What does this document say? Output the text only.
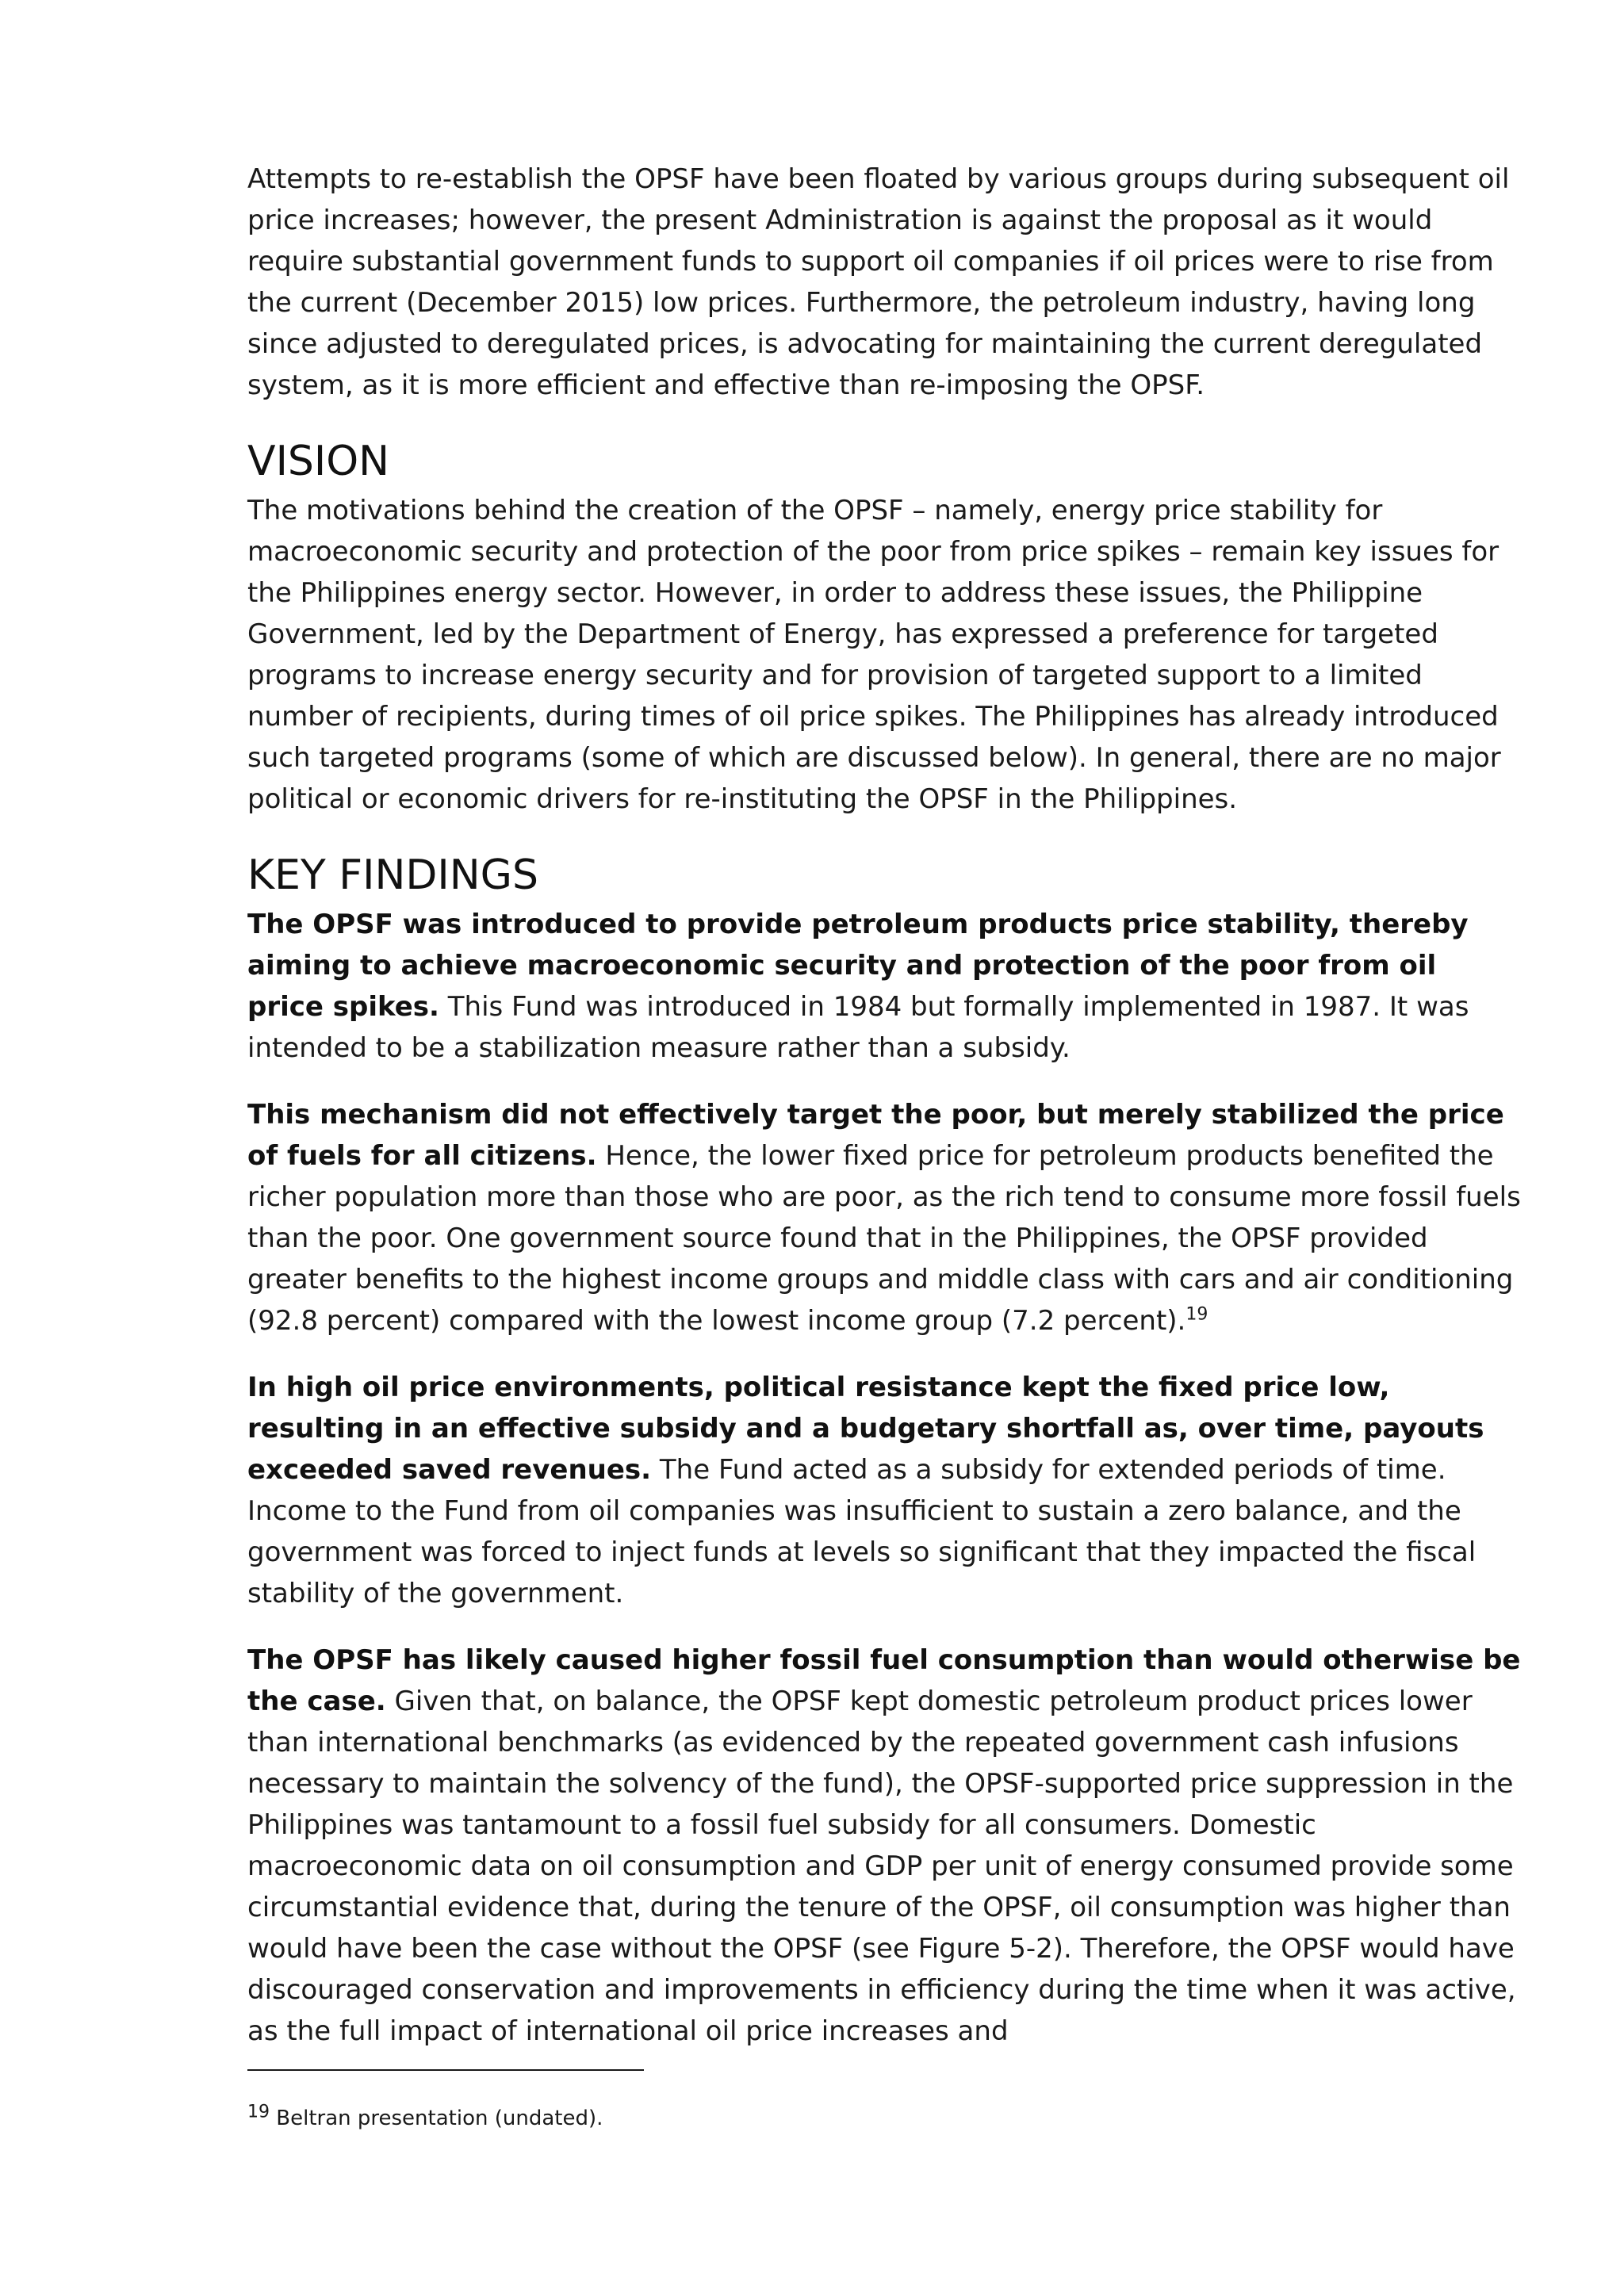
Attempts to re-establish the OPSF have been floated by various groups during subsequent oil price increases; however, the present Administration is against the proposal as it would require substantial government funds to support oil companies if oil prices were to rise from the current (December 2015) low prices. Furthermore, the petroleum industry, having long since adjusted to deregulated prices, is advocating for maintaining the current deregulated system, as it is more efficient and effective than re-imposing the OPSF.

VISION

The motivations behind the creation of the OPSF – namely, energy price stability for macroeconomic security and protection of the poor from price spikes – remain key issues for the Philippines energy sector. However, in order to address these issues, the Philippine Government, led by the Department of Energy, has expressed a preference for targeted programs to increase energy security and for provision of targeted support to a limited number of recipients, during times of oil price spikes. The Philippines has already introduced such targeted programs (some of which are discussed below). In general, there are no major political or economic drivers for re-instituting the OPSF in the Philippines.

KEY FINDINGS

The OPSF was introduced to provide petroleum products price stability, thereby aiming to achieve macroeconomic security and protection of the poor from oil price spikes. This Fund was introduced in 1984 but formally implemented in 1987. It was intended to be a stabilization measure rather than a subsidy.

This mechanism did not effectively target the poor, but merely stabilized the price of fuels for all citizens. Hence, the lower fixed price for petroleum products benefited the richer population more than those who are poor, as the rich tend to consume more fossil fuels than the poor. One government source found that in the Philippines, the OPSF provided greater benefits to the highest income groups and middle class with cars and air conditioning (92.8 percent) compared with the lowest income group (7.2 percent).$^{19}$

In high oil price environments, political resistance kept the fixed price low, resulting in an effective subsidy and a budgetary shortfall as, over time, payouts exceeded saved revenues. The Fund acted as a subsidy for extended periods of time. Income to the Fund from oil companies was insufficient to sustain a zero balance, and the government was forced to inject funds at levels so significant that they impacted the fiscal stability of the government.

The OPSF has likely caused higher fossil fuel consumption than would otherwise be the case. Given that, on balance, the OPSF kept domestic petroleum product prices lower than international benchmarks (as evidenced by the repeated government cash infusions necessary to maintain the solvency of the fund), the OPSF-supported price suppression in the Philippines was tantamount to a fossil fuel subsidy for all consumers. Domestic macroeconomic data on oil consumption and GDP per unit of energy consumed provide some circumstantial evidence that, during the tenure of the OPSF, oil consumption was higher than would have been the case without the OPSF (see Figure 5-2). Therefore, the OPSF would have discouraged conservation and improvements in efficiency during the time when it was active, as the full impact of international oil price increases and

$^{19}$ Beltran presentation (undated).
